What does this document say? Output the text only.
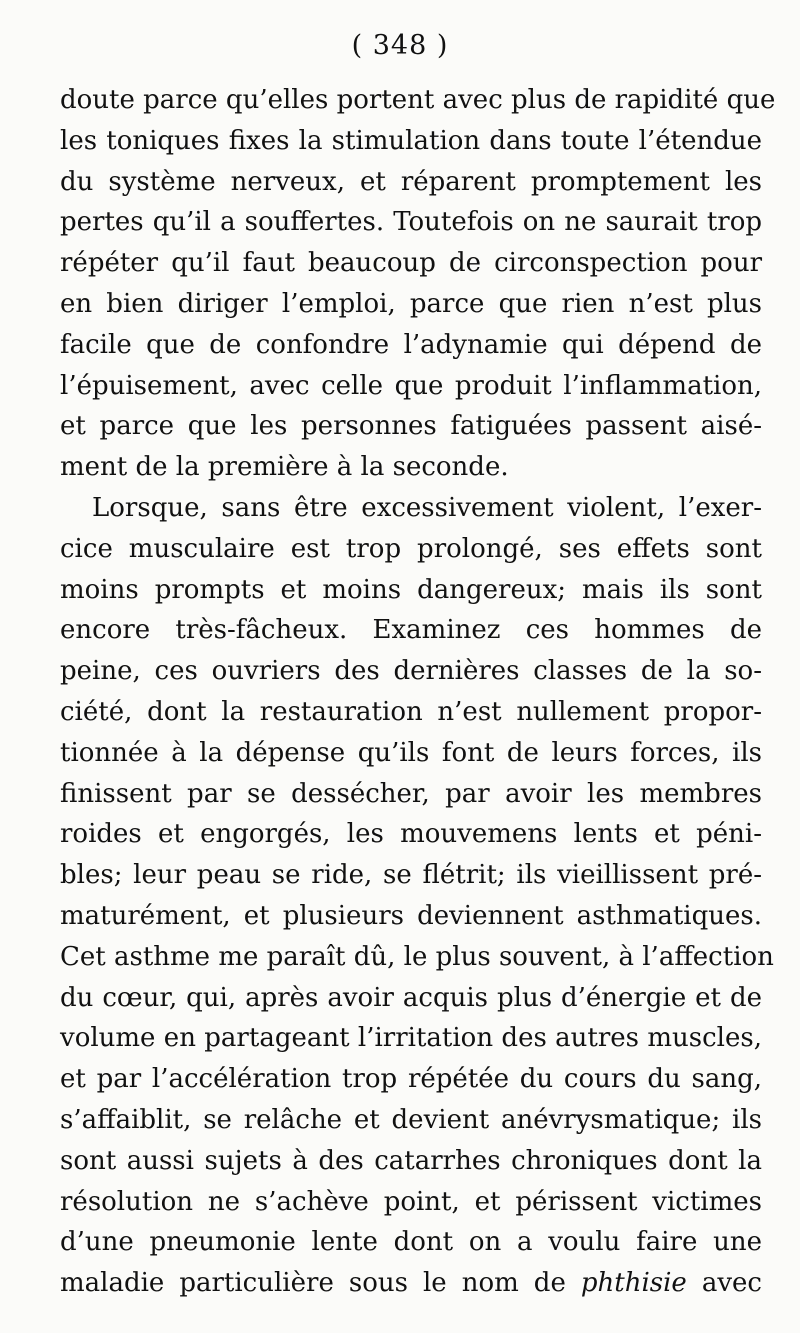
( 348 )
doute parce qu’elles portent avec plus de rapidité que
les toniques fixes la stimulation dans toute l’étendue
du système nerveux, et réparent promptement les
pertes qu’il a souffertes. Toutefois on ne saurait trop
répéter qu’il faut beaucoup de circonspection pour
en bien diriger l’emploi, parce que rien n’est plus
facile que de confondre l’adynamie qui dépend de
l’épuisement, avec celle que produit l’inflammation,
et parce que les personnes fatiguées passent aisé-
ment de la première à la seconde.
Lorsque, sans être excessivement violent, l’exer-
cice musculaire est trop prolongé, ses effets sont
moins prompts et moins dangereux; mais ils sont
encore très-fâcheux. Examinez ces hommes de
peine, ces ouvriers des dernières classes de la so-
ciété, dont la restauration n’est nullement propor-
tionnée à la dépense qu’ils font de leurs forces, ils
finissent par se dessécher, par avoir les membres
roides et engorgés, les mouvemens lents et péni-
bles; leur peau se ride, se flétrit; ils vieillissent pré-
maturément, et plusieurs deviennent asthmatiques.
Cet asthme me paraît dû, le plus souvent, à l’affection
du cœur, qui, après avoir acquis plus d’énergie et de
volume en partageant l’irritation des autres muscles,
et par l’accélération trop répétée du cours du sang,
s’affaiblit, se relâche et devient anévrysmatique; ils
sont aussi sujets à des catarrhes chroniques dont la
résolution ne s’achève point, et périssent victimes
d’une pneumonie lente dont on a voulu faire une
maladie particulière sous le nom de phthisie avec
